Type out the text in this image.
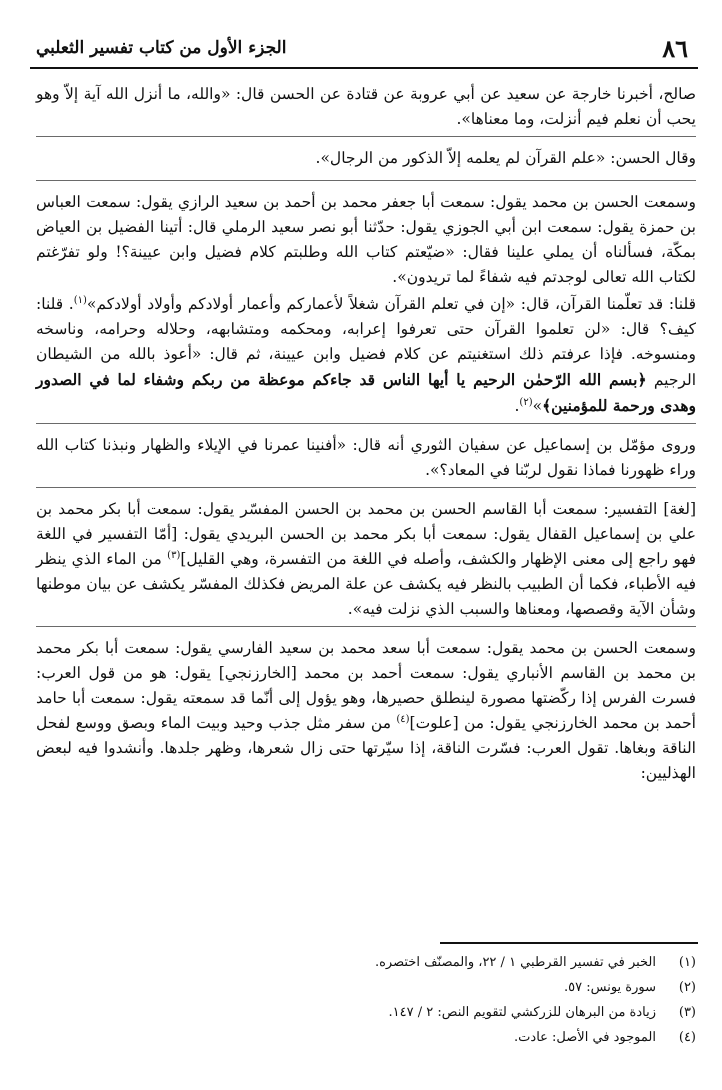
٨٦
الجزء الأول من كتاب تفسير الثعلبي

صالح، أخبرنا خارجة عن سعيد عن أبي عروبة عن قتادة عن الحسن قال: «والله، ما أنزل الله آية إلاّ وهو يحب أن نعلم فيم أنزلت، وما معناها».

وقال الحسن: «علم القرآن لم يعلمه إلاّ الذكور من الرجال».

وسمعت الحسن بن محمد يقول: سمعت أبا جعفر محمد بن أحمد بن سعيد الرازي يقول: سمعت العباس بن حمزة يقول: سمعت ابن أبي الجوزي يقول: حدّثنا أبو نصر سعيد الرملي قال: أتينا الفضيل بن العياض بمكّة، فسألناه أن يملي علينا فقال: «ضيّعتم كتاب الله وطلبتم كلام فضيل وابن عيينة؟! ولو تفرّغتم لكتاب الله تعالى لوجدتم فيه شفاءً لما تريدون».

قلنا: قد تعلّمنا القرآن، قال: «إن في تعلم القرآن شغلاً لأعماركم وأعمار أولادكم وأولاد أولادكم»$^{(١)}$. قلنا: كيف؟ قال: «لن تعلموا القرآن حتى تعرفوا إعرابه، ومحكمه ومتشابهه، وحلاله وحرامه، وناسخه ومنسوخه. فإذا عرفتم ذلك استغنيتم عن كلام فضيل وابن عيينة، ثم قال: «أعوذ بالله من الشيطان الرجيم ﴿بسم الله الرّحمٰن الرحيم يا أيها الناس قد جاءكم موعظة من ربكم وشفاء لما في الصدور وهدى ورحمة للمؤمنين﴾»$^{(٢)}$.

وروى مؤمّل بن إسماعيل عن سفيان الثوري أنه قال: «أفنينا عمرنا في الإيلاء والظهار ونبذنا كتاب الله وراء ظهورنا فماذا نقول لربّنا في المعاد؟».

[لغة] التفسير: سمعت أبا القاسم الحسن بن محمد بن الحسن المفسّر يقول: سمعت أبا بكر محمد بن علي بن إسماعيل القفال يقول: سمعت أبا بكر محمد بن الحسن البريدي يقول: [أمّا التفسير في اللغة فهو راجع إلى معنى الإظهار والكشف، وأصله في اللغة من التفسرة، وهي القليل]$^{(٣)}$ من الماء الذي ينظر فيه الأطباء، فكما أن الطبيب بالنظر فيه يكشف عن علة المريض فكذلك المفسّر يكشف عن بيان موطنها وشأن الآية وقصصها، ومعناها والسبب الذي نزلت فيه».

وسمعت الحسن بن محمد يقول: سمعت أبا سعد محمد بن سعيد الفارسي يقول: سمعت أبا بكر محمد بن محمد بن القاسم الأنباري يقول: سمعت أحمد بن محمد [الخارزنجي] يقول: هو من قول العرب: فسرت الفرس إذا ركّضتها مصورة لينطلق حصيرها، وهو يؤول إلى أنّما قد سمعته يقول: سمعت أبا حامد أحمد بن محمد الخارزنجي يقول: من [علوت]$^{(٤)}$ من سفر مثل جذب وحيد وبيت الماء وبصق ووسع لفحل الناقة وبغاها. تقول العرب: فسّرت الناقة، إذا سيّرتها حتى زال شعرها، وظهر جلدها. وأنشدوا فيه لبعض الهذليين:

(١)الخبر في تفسير القرطبي ١ / ٢٢، والمصنّف اختصره.
(٢)سورة يونس: ٥٧.
(٣)زيادة من البرهان للزركشي لتقويم النص: ٢ / ١٤٧.
(٤)الموجود في الأصل: عادت.
